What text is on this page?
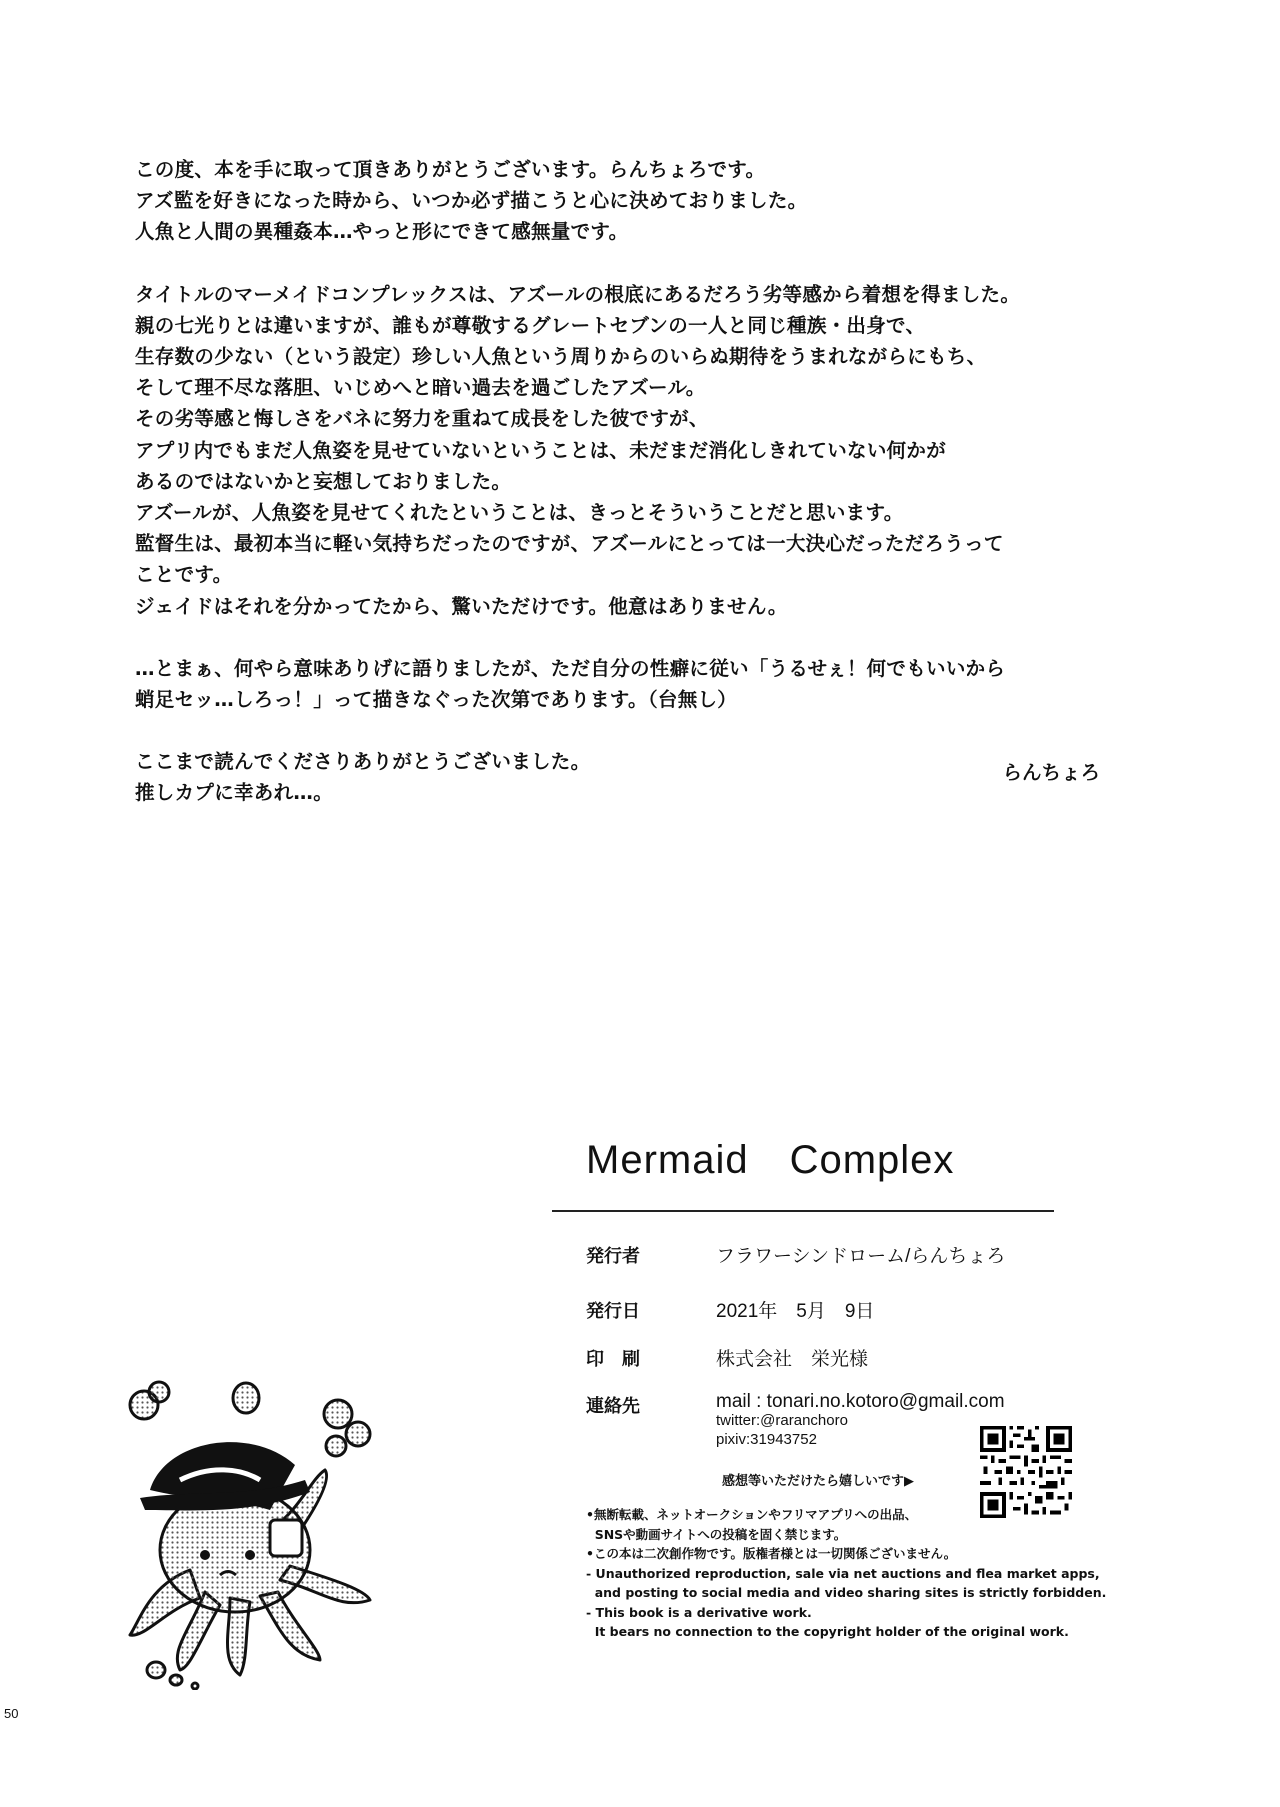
この度、本を手に取って頂きありがとうございます。らんちょろです。

アズ監を好きになった時から、いつか必ず描こうと心に決めておりました。

人魚と人間の異種姦本…やっと形にできて感無量です。

タイトルのマーメイドコンプレックスは、アズールの根底にあるだろう劣等感から着想を得ました。

親の七光りとは違いますが、誰もが尊敬するグレートセブンの一人と同じ種族・出身で、

生存数の少ない（という設定）珍しい人魚という周りからのいらぬ期待をうまれながらにもち、

そして理不尽な落胆、いじめへと暗い過去を過ごしたアズール。

その劣等感と悔しさをバネに努力を重ねて成長をした彼ですが、

アプリ内でもまだ人魚姿を見せていないということは、未だまだ消化しきれていない何かが

あるのではないかと妄想しておりました。

アズールが、人魚姿を見せてくれたということは、きっとそういうことだと思います。

監督生は、最初本当に軽い気持ちだったのですが、アズールにとっては一大決心だっただろうって

ことです。

ジェイドはそれを分かってたから、驚いただけです。他意はありません。

…とまぁ、何やら意味ありげに語りましたが、ただ自分の性癖に従い「うるせぇ！何でもいいから

蛸足セッ…しろっ！」って描きなぐった次第であります。（台無し）

ここまで読んでくださりありがとうございました。

推しカプに幸あれ…。

らんちょろ
Mermaid　Complex
発行者	フラワーシンドローム/らんちょろ
発行日	2021年　5月　9日
印　刷	株式会社　栄光様
連絡先	mail : tonari.no.kotoro@gmail.com
twitter:@raranchoro
pixiv:31943752
感想等いただけたら嬉しいです▶
•無断転載、ネットオークションやフリマアプリへの出品、
SNSや動画サイトへの投稿を固く禁じます。
•この本は二次創作物です。版権者様とは一切関係ございません。
- Unauthorized reproduction, sale via net auctions and flea market apps,
and posting to social media and video sharing sites is strictly forbidden.
- This book is a derivative work.
It bears no connection to the copyright holder of the original work.
50
